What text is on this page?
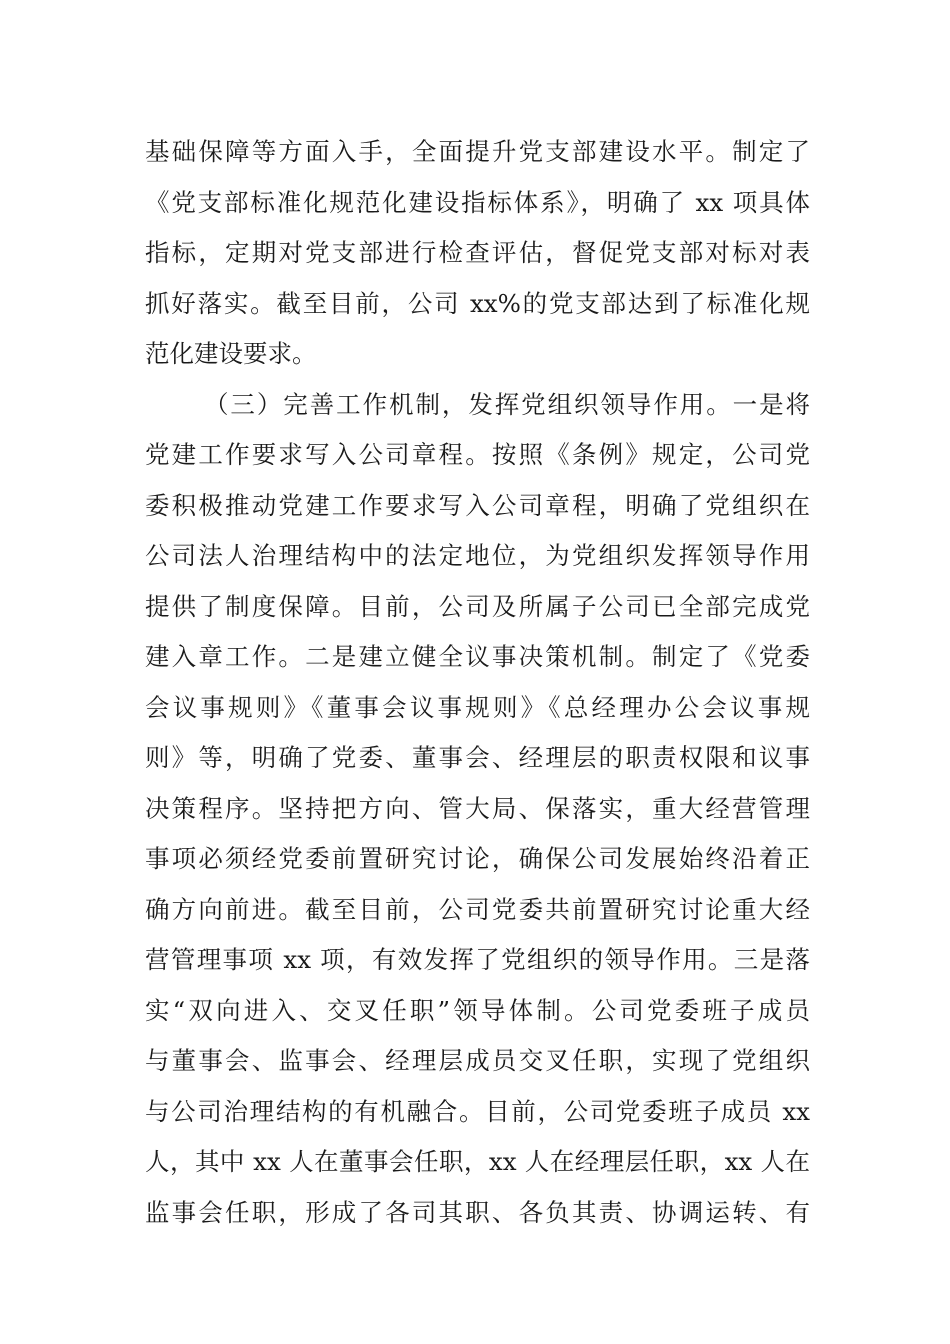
基础保障等方面入手，全面提升党支部建设水平。制定了
《党支部标准化规范化建设指标体系》，明确了 xx 项具体
指标，定期对党支部进行检查评估，督促党支部对标对表
抓好落实。截至目前，公司 xx%的党支部达到了标准化规
范化建设要求。
（三）完善工作机制，发挥党组织领导作用。一是将
党建工作要求写入公司章程。按照《条例》规定，公司党
委积极推动党建工作要求写入公司章程，明确了党组织在
公司法人治理结构中的法定地位，为党组织发挥领导作用
提供了制度保障。目前，公司及所属子公司已全部完成党
建入章工作。二是建立健全议事决策机制。制定了《党委
会议事规则》《董事会议事规则》《总经理办公会议事规
则》等，明确了党委、董事会、经理层的职责权限和议事
决策程序。坚持把方向、管大局、保落实，重大经营管理
事项必须经党委前置研究讨论，确保公司发展始终沿着正
确方向前进。截至目前，公司党委共前置研究讨论重大经
营管理事项 xx 项，有效发挥了党组织的领导作用。三是落
实“双向进入、交叉任职”领导体制。公司党委班子成员
与董事会、监事会、经理层成员交叉任职，实现了党组织
与公司治理结构的有机融合。目前，公司党委班子成员 xx
人，其中 xx 人在董事会任职，xx 人在经理层任职，xx 人在
监事会任职，形成了各司其职、各负其责、协调运转、有
